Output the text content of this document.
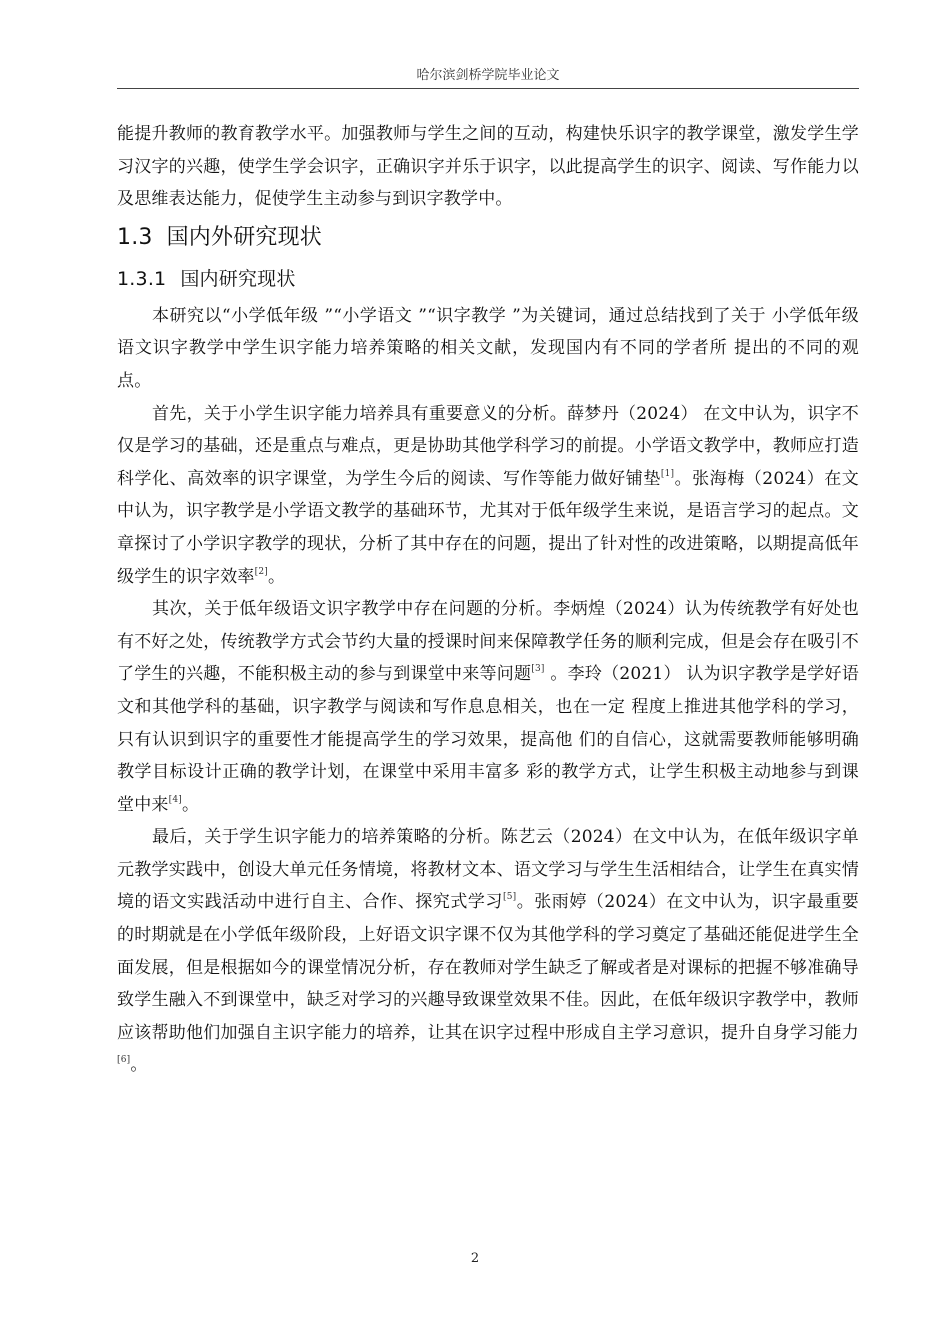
哈尔滨剑桥学院毕业论文

能提升教师的教育教学水平。加强教师与学生之间的互动，构建快乐识字的教学课堂，激发学生学习汉字的兴趣，使学生学会识字，正确识字并乐于识字，以此提高学生的识字、阅读、写作能力以及思维表达能力，促使学生主动参与到识字教学中。

1.3 国内外研究现状
1.3.1 国内研究现状

本研究以“小学低年级 ”“小学语文 ”“识字教学 ”为关键词，通过总结找到了关于 小学低年级语文识字教学中学生识字能力培养策略的相关文献，发现国内有不同的学者所 提出的不同的观点。

首先，关于小学生识字能力培养具有重要意义的分析。薛梦丹（2024） 在文中认为，识字不仅是学习的基础，还是重点与难点，更是协助其他学科学习的前提。小学语文教学中，教师应打造科学化、高效率的识字课堂，为学生今后的阅读、写作等能力做好铺垫[1]。张海梅（2024）在文中认为，识字教学是小学语文教学的基础环节，尤其对于低年级学生来说，是语言学习的起点。文章探讨了小学识字教学的现状，分析了其中存在的问题，提出了针对性的改进策略，以期提高低年级学生的识字效率[2]。

其次，关于低年级语文识字教学中存在问题的分析。李炳煌（2024）认为传统教学有好处也有不好之处，传统教学方式会节约大量的授课时间来保障教学任务的顺利完成，但是会存在吸引不了学生的兴趣，不能积极主动的参与到课堂中来等问题[3] 。李玲（2021） 认为识字教学是学好语文和其他学科的基础，识字教学与阅读和写作息息相关，也在一定 程度上推进其他学科的学习，只有认识到识字的重要性才能提高学生的学习效果，提高他 们的自信心，这就需要教师能够明确教学目标设计正确的教学计划，在课堂中采用丰富多 彩的教学方式，让学生积极主动地参与到课堂中来[4]。

最后，关于学生识字能力的培养策略的分析。陈艺云（2024）在文中认为，在低年级识字单元教学实践中，创设大单元任务情境，将教材文本、语文学习与学生生活相结合，让学生在真实情境的语文实践活动中进行自主、合作、探究式学习[5]。张雨婷（2024）在文中认为，识字最重要的时期就是在小学低年级阶段，上好语文识字课不仅为其他学科的学习奠定了基础还能促进学生全面发展，但是根据如今的课堂情况分析，存在教师对学生缺乏了解或者是对课标的把握不够准确导致学生融入不到课堂中，缺乏对学习的兴趣导致课堂效果不佳。因此，在低年级识字教学中，教师应该帮助他们加强自主识字能力的培养，让其在识字过程中形成自主学习意识，提升自身学习能力[6]。

2
